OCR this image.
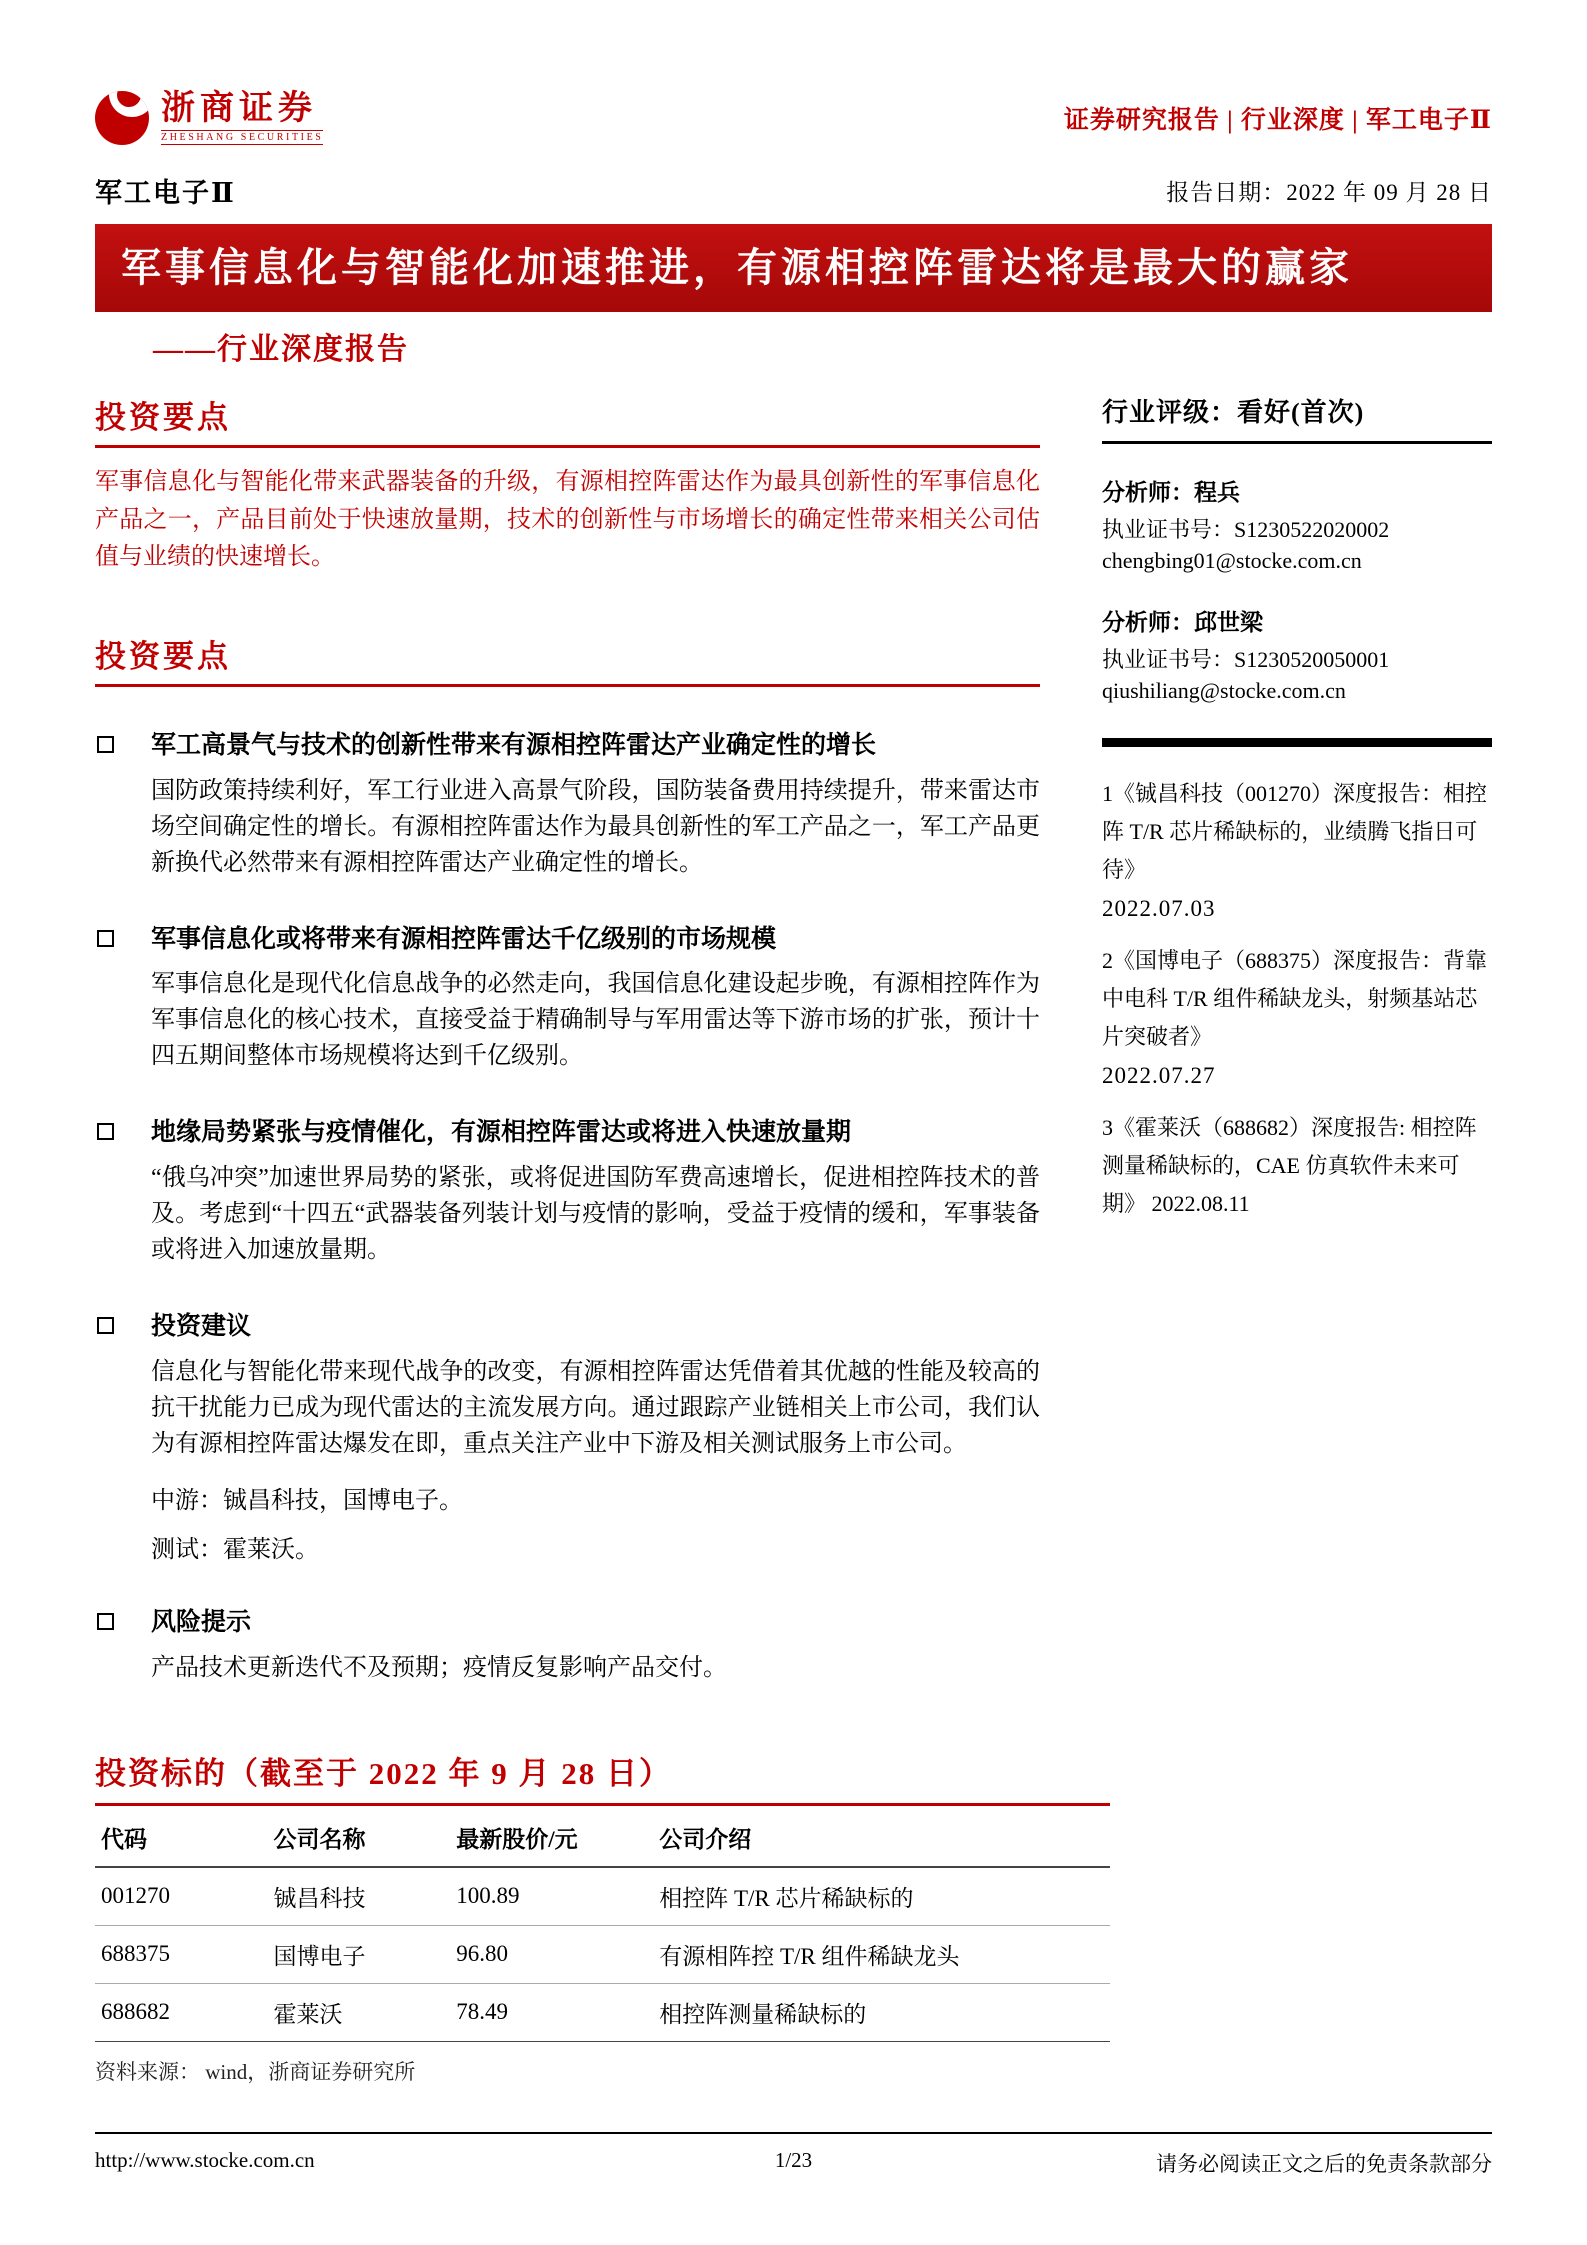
浙商证券
ZHESHANG SECURITIES
证券研究报告 | 行业深度 | 军工电子Ⅱ
军工电子Ⅱ	报告日期：2022 年 09 月 28 日
军事信息化与智能化加速推进，有源相控阵雷达将是最大的赢家
——行业深度报告
投资要点

军事信息化与智能化带来武器装备的升级，有源相控阵雷达作为最具创新性的军事信息化产品之一，产品目前处于快速放量期，技术的创新性与市场增长的确定性带来相关公司估值与业绩的快速增长。

投资要点
军工高景气与技术的创新性带来有源相控阵雷达产业确定性的增长

国防政策持续利好，军工行业进入高景气阶段，国防装备费用持续提升，带来雷达市场空间确定性的增长。有源相控阵雷达作为最具创新性的军工产品之一，军工产品更新换代必然带来有源相控阵雷达产业确定性的增长。

军事信息化或将带来有源相控阵雷达千亿级别的市场规模

军事信息化是现代化信息战争的必然走向，我国信息化建设起步晚，有源相控阵作为军事信息化的核心技术，直接受益于精确制导与军用雷达等下游市场的扩张，预计十四五期间整体市场规模将达到千亿级别。

地缘局势紧张与疫情催化，有源相控阵雷达或将进入快速放量期

“俄乌冲突”加速世界局势的紧张，或将促进国防军费高速增长，促进相控阵技术的普及。考虑到“十四五“武器装备列装计划与疫情的影响，受益于疫情的缓和，军事装备或将进入加速放量期。

投资建议

信息化与智能化带来现代战争的改变，有源相控阵雷达凭借着其优越的性能及较高的抗干扰能力已成为现代雷达的主流发展方向。通过跟踪产业链相关上市公司，我们认为有源相控阵雷达爆发在即，重点关注产业中下游及相关测试服务上市公司。

中游：铖昌科技，国博电子。

测试：霍莱沃。

风险提示

产品技术更新迭代不及预期；疫情反复影响产品交付。

行业评级：看好(首次)
分析师：程兵
执业证书号：S1230522020002
chengbing01@stocke.com.cn
分析师：邱世梁
执业证书号：S1230520050001
qiushiliang@stocke.com.cn
1《铖昌科技（001270）深度报告：相控阵 T/R 芯片稀缺标的，业绩腾飞指日可待》
2022.07.03
2《国博电子（688375）深度报告：背靠中电科 T/R 组件稀缺龙头，射频基站芯片突破者》
2022.07.27
3《霍莱沃（688682）深度报告: 相控阵测量稀缺标的，CAE 仿真软件未来可期》 2022.08.11
投资标的（截至于 2022 年 9 月 28 日）
代码	公司名称	最新股价/元	公司介绍
001270	铖昌科技	100.89	相控阵 T/R 芯片稀缺标的
688375	国博电子	96.80	有源相阵控 T/R 组件稀缺龙头
688682	霍莱沃	78.49	相控阵测量稀缺标的
资料来源： wind，浙商证券研究所
http://www.stocke.com.cn	1/23	请务必阅读正文之后的免责条款部分
